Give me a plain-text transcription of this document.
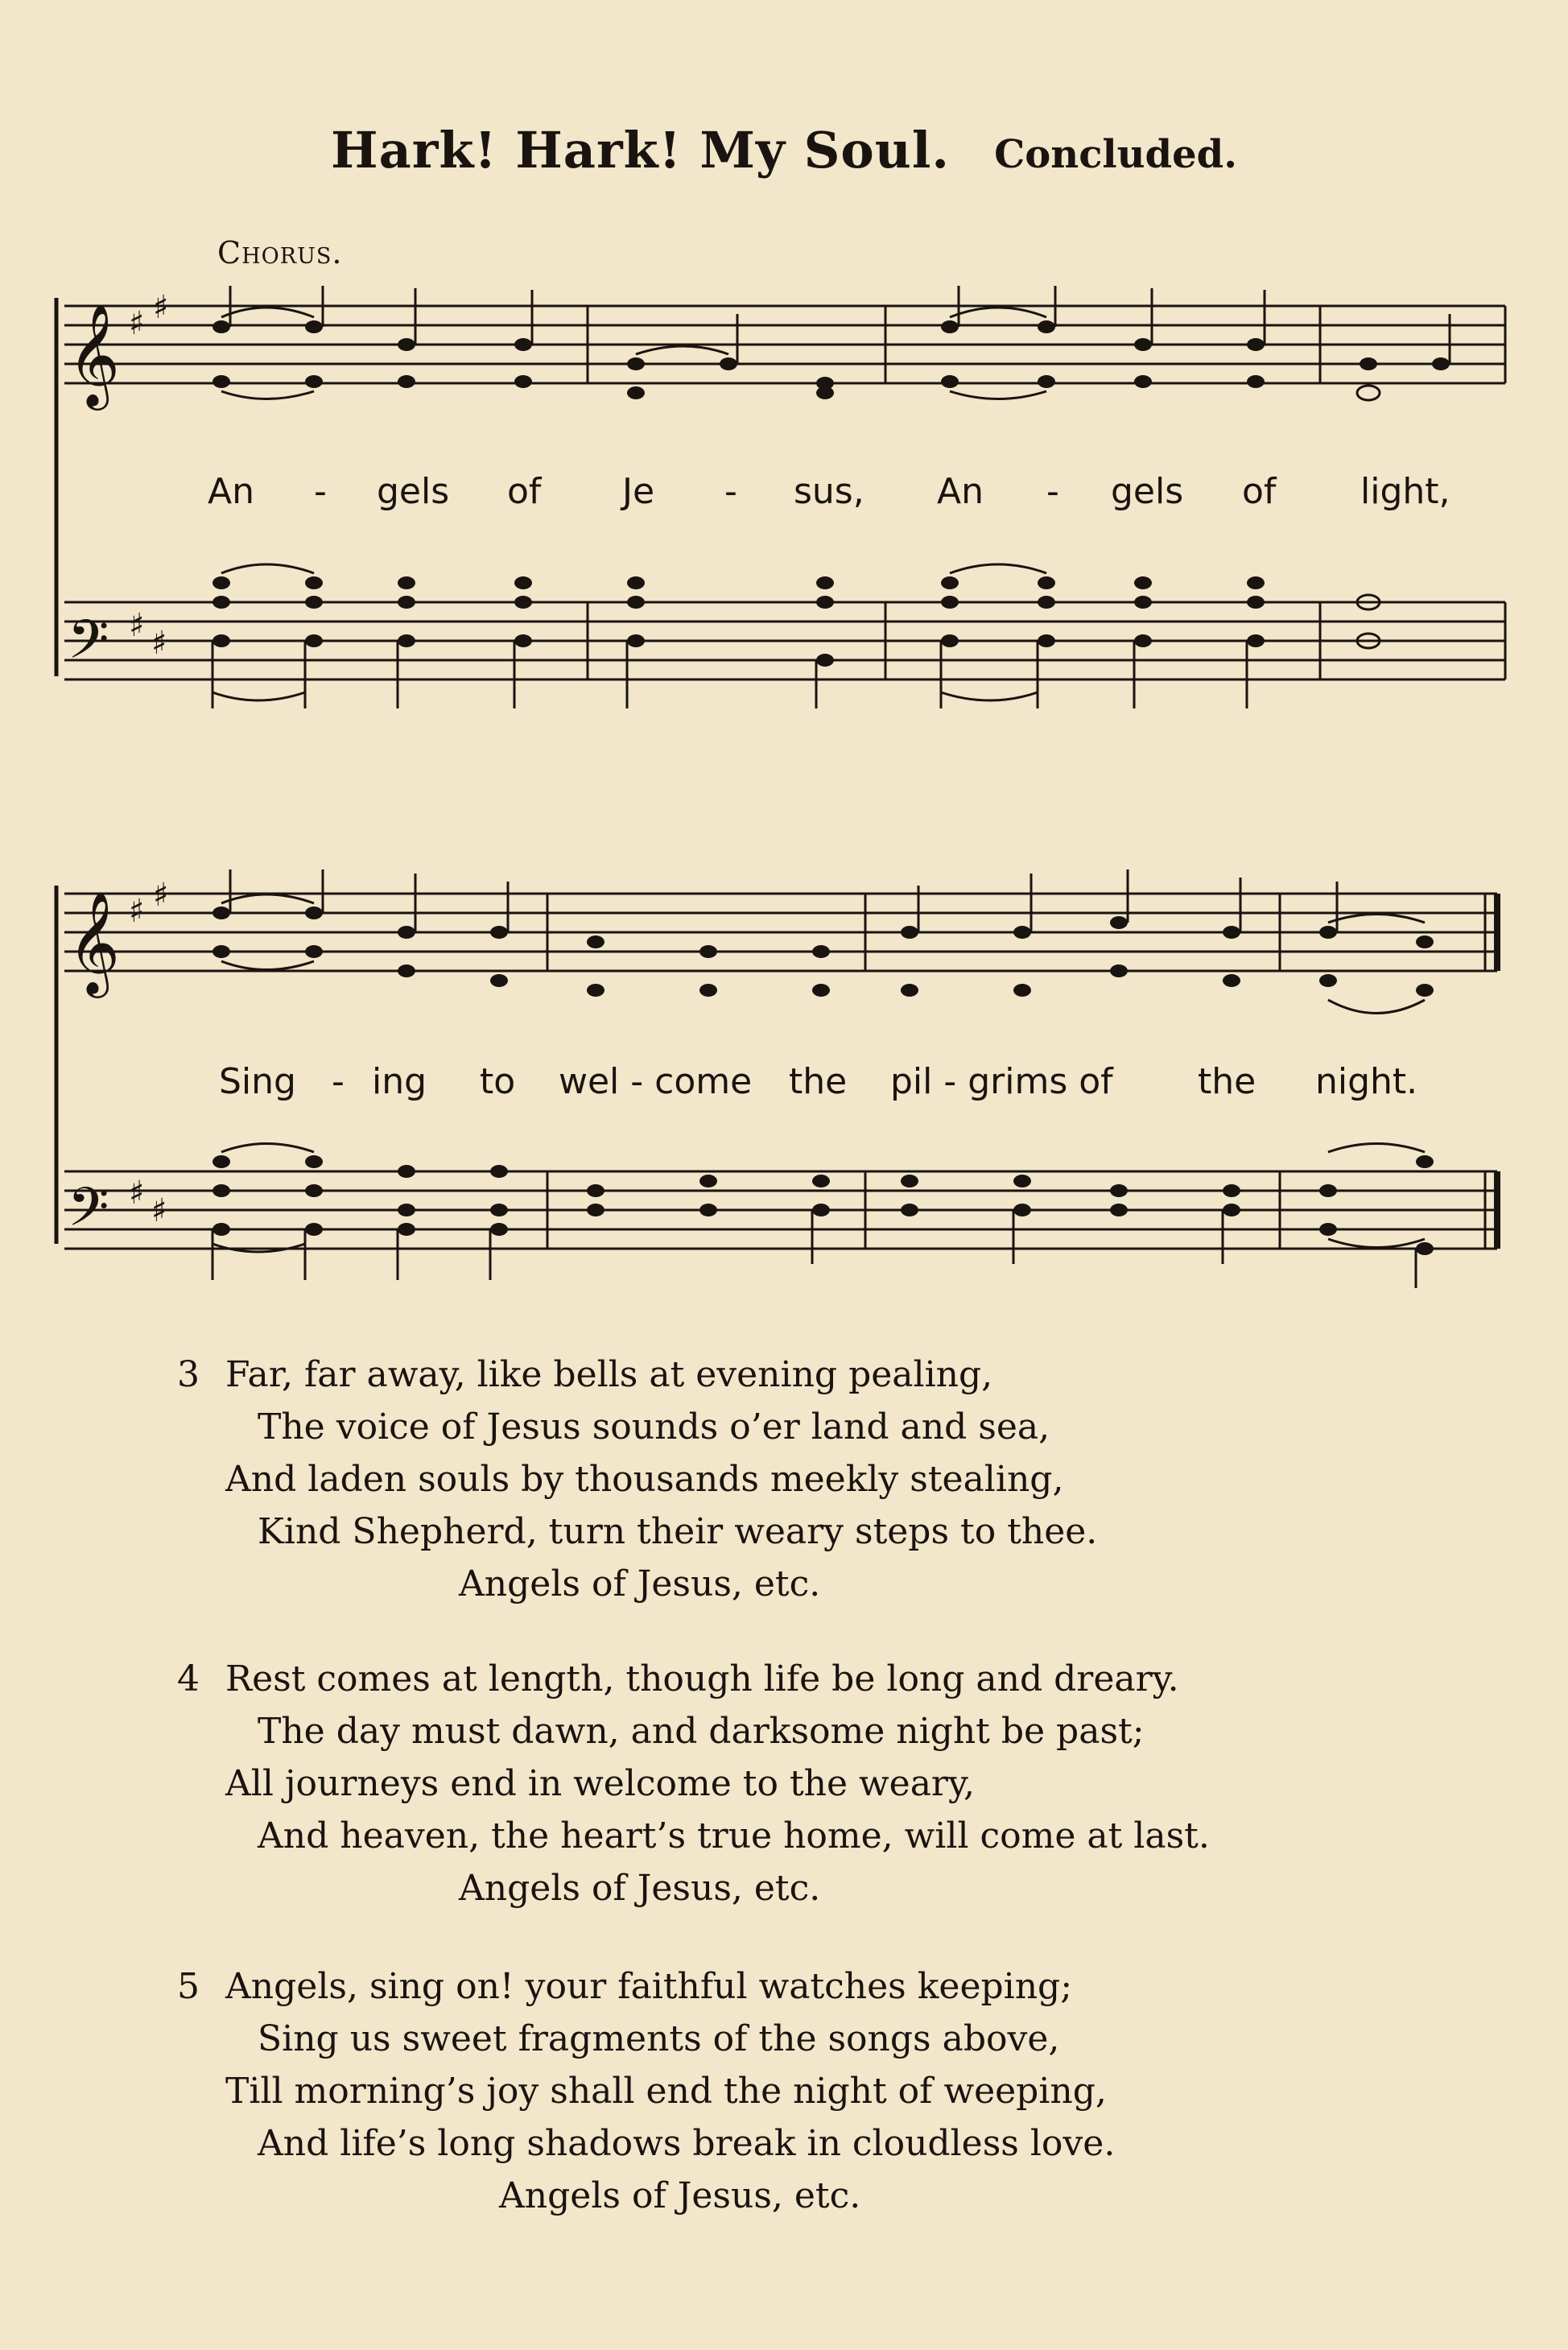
Hark! Hark! My Soul. Concluded.
Chorus.
𝄞 ♯ ♯
𝄢 ♯ ♯
𝄞 ♯ ♯
𝄢 ♯ ♯
An - gels of Je - sus, An - gels of light,
Sing - ing to wel - come the pil - grims of the night.
3 Far, far away, like bells at evening pealing,
The voice of Jesus sounds o’er land and sea,
And laden souls by thousands meekly stealing,
Kind Shepherd, turn their weary steps to thee.
Angels of Jesus, etc.
4 Rest comes at length, though life be long and dreary.
The day must dawn, and darksome night be past;
All journeys end in welcome to the weary,
And heaven, the heart’s true home, will come at last.
Angels of Jesus, etc.
5 Angels, sing on! your faithful watches keeping;
Sing us sweet fragments of the songs above,
Till morning’s joy shall end the night of weeping,
And life’s long shadows break in cloudless love.
Angels of Jesus, etc.
